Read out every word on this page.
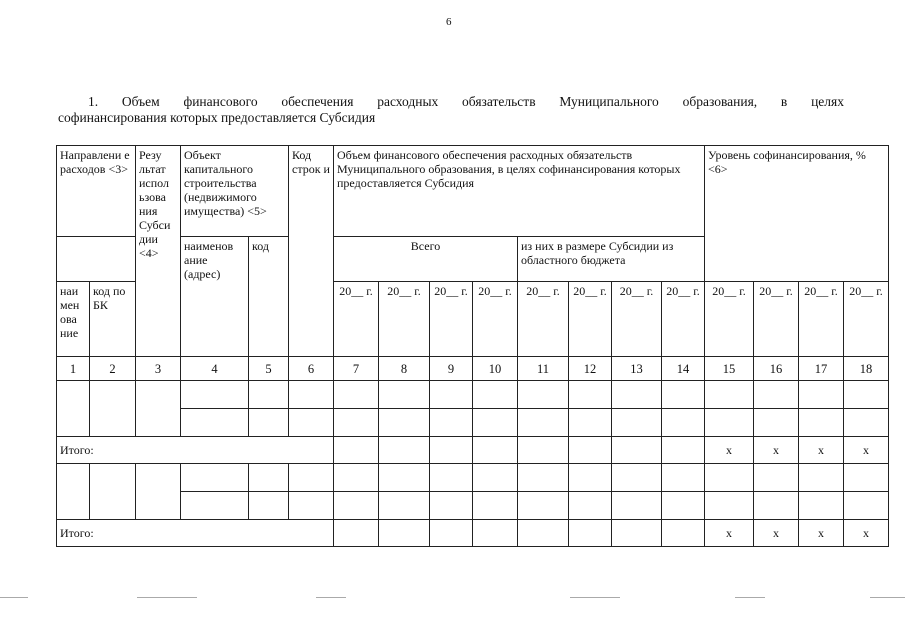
6
1. Объем финансового обеспечения расходных обязательств Муниципального образования, в целях
софинансирования которых предоставляется Субсидия
Направлени е расходов <3>		Резу льтат испол ьзова ния Субси дии <4>	Объект капитального строительства (недвижимого имущества) <5>		Код строк и	Объем финансового обеспечения расходных обязательств Муниципального образования, в целях софинансирования которых предоставляется Субсидия								Уровень софинансирования, % <6>			
			наименов ание (адрес)	код		Всего				из них в размере Субсидии из областного бюджета							
наи мен ова ние	код по БК					20__ г.	20__ г.	20__ г.	20__ г.	20__ г.	20__ г.	20__ г.	20__ г.	20__ г.	20__ г.	20__ г.	20__ г.
1	2	3	4	5	6	7	8	9	10	11	12	13	14	15	16	17	18

Итого:														x	x	x	x

Итого:														x	x	x	x
